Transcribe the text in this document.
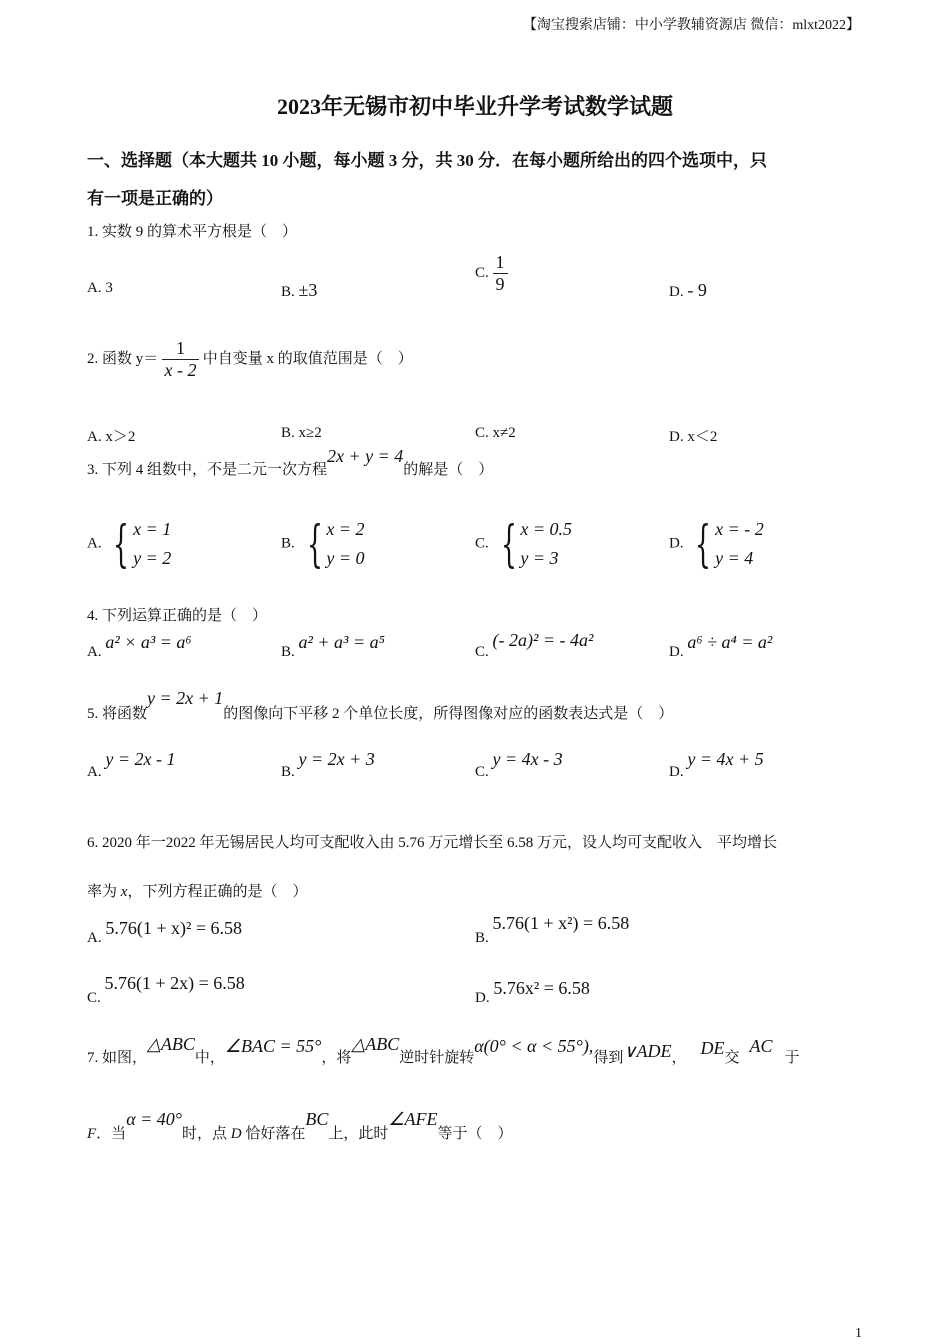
【淘宝搜索店铺：中小学教辅资源店 微信：mlxt2022】
2023年无锡市初中毕业升学考试数学试题
一、选择题（本大题共 10 小题，每小题 3 分，共 30 分．在每小题所给出的四个选项中，只
有一项是正确的）
1. 实数 9 的算术平方根是（　）
A. 3	B. ±3
C. $\frac{1}{9}$	D. - 9
2. 函数 $y= \frac{1}{x - 2}$ 中自变量 x 的取值范围是（　）
A. x＞2	B. x≥2	C. x≠2	D. x＜2
3. 下列 4 组数中，不是二元一次方程2x + y = 4的解是（　）
A. { x = 1
y = 2
B. { x = 2
y = 0
C. { x = 0.5
y = 3
D. { x = - 2
y = 4
4. 下列运算正确的是（　）
A. a² × a³ = a⁶	B. a² + a³ = a⁵	C. (- 2a)² = - 4a²
D. a⁶ ÷ a⁴ = a²
5. 将函数y = 2x + 1的图像向下平移 2 个单位长度，所得图像对应的函数表达式是（　）
A. y = 2x - 1
B. y = 2x + 3
C. y = 4x - 3
D. y = 4x + 5
6. 2020 年一2022 年无锡居民人均可支配收入由 5.76 万元增长至 6.58 万元，设人均可支配收入　平均增长
率为 x，下列方程正确的是（　）
A. 5.76(1 + x)² = 6.58	B. 5.76(1 + x²) = 6.58
C. 5.76(1 + 2x) = 6.58
D. 5.76x² = 6.58
7. 如图，△ABC中，∠BAC = 55°，将△ABC逆时针旋转α(0° < α < 55°),得到∨ADE， DE交AC于
F．当α = 40°时，点 D 恰好落在BC上，此时∠AFE等于（　）
1
